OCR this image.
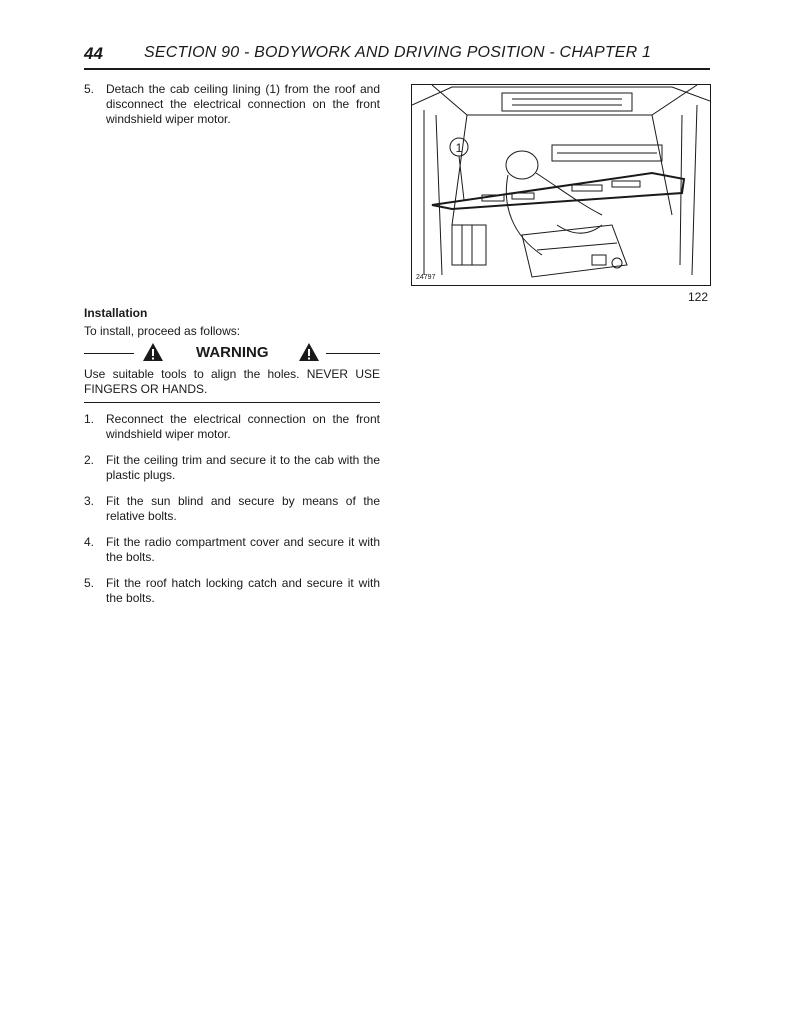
44	SECTION 90 - BODYWORK AND DRIVING POSITION - CHAPTER 1
5. Detach the cab ceiling lining (1) from the roof and disconnect the electrical connection on the front windshield wiper motor.
Installation
To install, proceed as follows:
WARNING
Use suitable tools to align the holes. NEVER USE FINGERS OR HANDS.
1. Reconnect the electrical connection on the front windshield wiper motor.
2. Fit the ceiling trim and secure it to the cab with the plastic plugs.
3. Fit the sun blind and secure by means of the relative bolts.
4. Fit the radio compartment cover and secure it with the bolts.
5. Fit the roof hatch locking catch and secure it with the bolts.
1
24797
122
